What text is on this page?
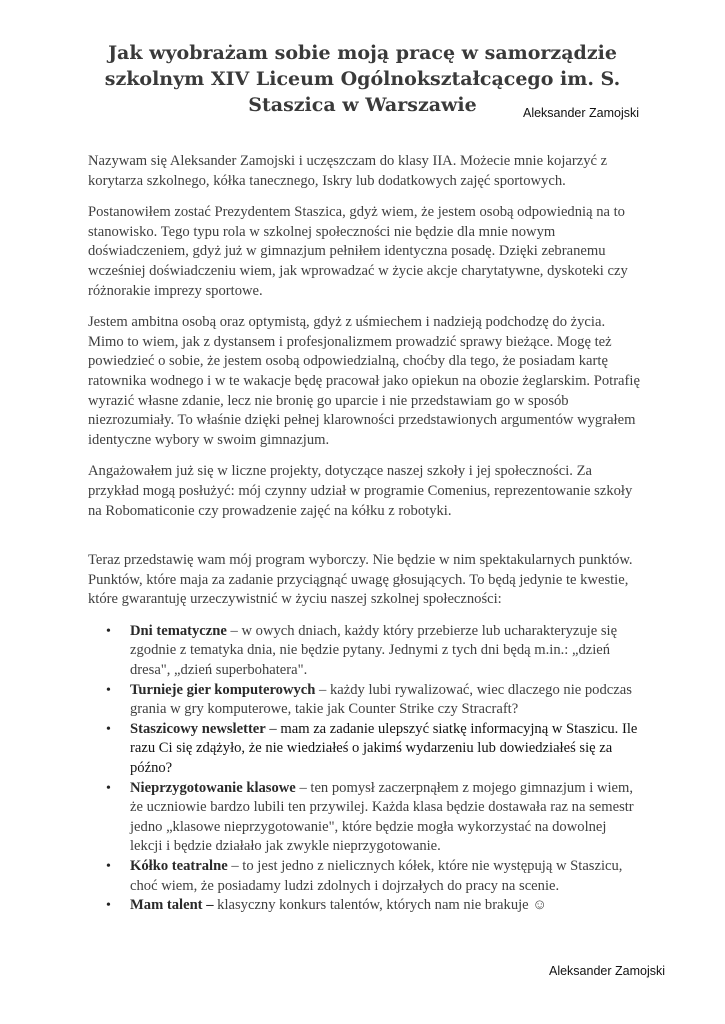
Jak wyobrażam sobie moją pracę w samorządzie szkolnym XIV Liceum Ogólnokształcącego im. S. Staszica w Warszawie	Aleksander Zamojski

Nazywam się Aleksander Zamojski i uczęszczam do klasy IIA. Możecie mnie kojarzyć z korytarza szkolnego, kółka tanecznego, Iskry lub dodatkowych zajęć sportowych.

Postanowiłem zostać Prezydentem Staszica, gdyż wiem, że jestem osobą odpowiednią na to stanowisko. Tego typu rola w szkolnej społeczności nie będzie dla mnie nowym doświadczeniem, gdyż już w gimnazjum pełniłem identyczna posadę. Dzięki zebranemu wcześniej doświadczeniu wiem, jak wprowadzać w życie akcje charytatywne, dyskoteki czy różnorakie imprezy sportowe.

Jestem ambitna osobą oraz optymistą, gdyż z uśmiechem i nadzieją podchodzę do życia. Mimo to wiem, jak z dystansem i profesjonalizmem prowadzić sprawy bieżące. Mogę też powiedzieć o sobie, że jestem osobą odpowiedzialną, choćby dla tego, że posiadam kartę ratownika wodnego i w te wakacje będę pracował jako opiekun na obozie żeglarskim. Potrafię wyrazić własne zdanie, lecz nie bronię go uparcie i nie przedstawiam go w sposób niezrozumiały. To właśnie dzięki pełnej klarowności przedstawionych argumentów wygrałem identyczne wybory w swoim gimnazjum.

Angażowałem już się w liczne projekty, dotyczące naszej szkoły i jej społeczności. Za przykład mogą posłużyć: mój czynny udział w programie Comenius, reprezentowanie szkoły na Robomaticonie czy prowadzenie zajęć na kółku z robotyki.

Teraz przedstawię wam mój program wyborczy. Nie będzie w nim spektakularnych punktów. Punktów, które maja za zadanie przyciągnąć uwagę głosujących. To będą jedynie te kwestie, które gwarantuję urzeczywistnić w życiu naszej szkolnej społeczności:

• Dni tematyczne – w owych dniach, każdy który przebierze lub ucharakteryzuje się zgodnie z tematyka dnia, nie będzie pytany. Jednymi z tych dni będą m.in.: „dzień dresa", „dzień superbohatera".
• Turnieje gier komputerowych – każdy lubi rywalizować, wiec dlaczego nie podczas grania w gry komputerowe, takie jak Counter Strike czy Stracraft?
• Staszicowy newsletter – mam za zadanie ulepszyć siatkę informacyjną w Staszicu. Ile razu Ci się zdążyło, że nie wiedziałeś o jakimś wydarzeniu lub dowiedziałeś się za późno?
• Nieprzygotowanie klasowe – ten pomysł zaczerpnąłem z mojego gimnazjum i wiem, że uczniowie bardzo lubili ten przywilej. Każda klasa będzie dostawała raz na semestr jedno „klasowe nieprzygotowanie", które będzie mogła wykorzystać na dowolnej lekcji i będzie działało jak zwykle nieprzygotowanie.
• Kółko teatralne – to jest jedno z nielicznych kółek, które nie występują w Staszicu, choć wiem, że posiadamy ludzi zdolnych i dojrzałych do pracy na scenie.
• Mam talent – klasyczny konkurs talentów, których nam nie brakuje ☺
Aleksander Zamojski
